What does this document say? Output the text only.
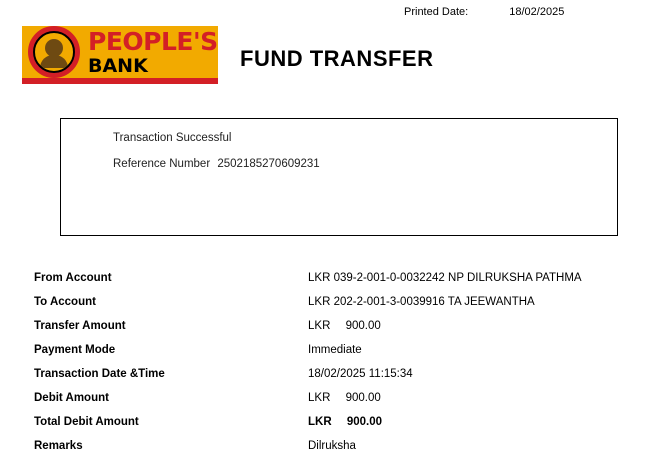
Printed Date:	18/02/2025
PEOPLE'S
BANK	FUND TRANSFER
Transaction Successful
Reference Number 2502185270609231
From Account	LKR 039-2-001-0-0032242 NP DILRUKSHA PATHMA
To Account	LKR 202-2-001-3-0039916 TA JEEWANTHA
Transfer Amount	LKR 900.00
Payment Mode	Immediate
Transaction Date &Time	18/02/2025 11:15:34
Debit Amount	LKR 900.00
Total Debit Amount	LKR 900.00
Remarks	Dilruksha
